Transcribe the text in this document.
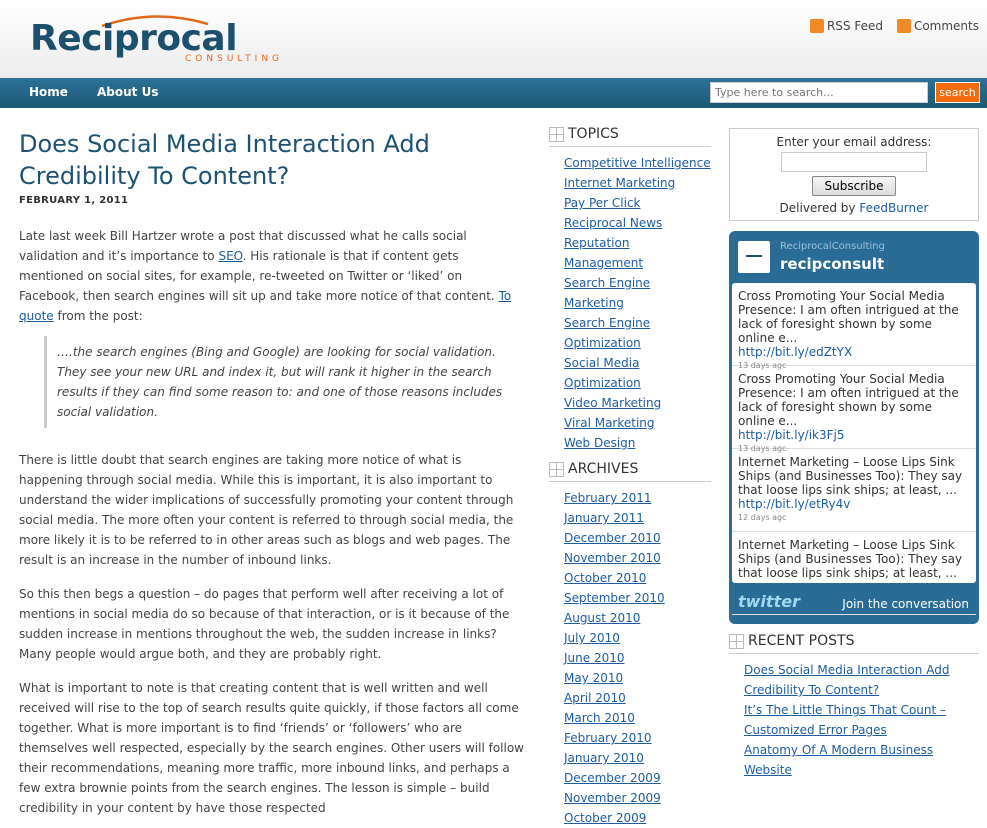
Reciprocal
CONSULTING
RSS Feed	Comments
Home About Us
Type here to search...	search
Does Social Media Interaction Add Credibility To Content?
FEBRUARY 1, 2011

Late last week Bill Hartzer wrote a post that discussed what he calls social validation and it’s importance to SEO. His rationale is that if content gets mentioned on social sites, for example, re-tweeted on Twitter or ‘liked’ on Facebook, then search engines will sit up and take more notice of that content. To quote from the post:

….the search engines (Bing and Google) are looking for social validation. They see your new URL and index it, but will rank it higher in the search results if they can find some reason to: and one of those reasons includes social validation.

There is little doubt that search engines are taking more notice of what is happening through social media. While this is important, it is also important to understand the wider implications of successfully promoting your content through social media. The more often your content is referred to through social media, the more likely it is to be referred to in other areas such as blogs and web pages. The result is an increase in the number of inbound links.

So this then begs a question – do pages that perform well after receiving a lot of mentions in social media do so because of that interaction, or is it because of the sudden increase in mentions throughout the web, the sudden increase in links? Many people would argue both, and they are probably right.

What is important to note is that creating content that is well written and well received will rise to the top of search results quite quickly, if those factors all come together. What is more important is to find ‘friends’ or ‘followers’ who are themselves well respected, especially by the search engines. Other users will follow their recommendations, meaning more traffic, more inbound links, and perhaps a few extra brownie points from the search engines. The lesson is simple – build credibility in your content by have those respected

TOPICS
Competitive Intelligence
Internet Marketing
Pay Per Click
Reciprocal News
Reputation Management
Search Engine Marketing
Search Engine Optimization
Social Media Optimization
Video Marketing
Viral Marketing
Web Design
ARCHIVES
February 2011
January 2011
December 2010
November 2010
October 2010
September 2010
August 2010
July 2010
June 2010
May 2010
April 2010
March 2010
February 2010
January 2010
December 2009
November 2009
October 2009
Enter your email address:
Subscribe
Delivered by FeedBurner
ReciprocalConsulting
recipconsult
Cross Promoting Your Social Media Presence: I am often intrigued at the lack of foresight shown by some online e...
http://bit.ly/edZtYX
13 days agc
Cross Promoting Your Social Media Presence: I am often intrigued at the lack of foresight shown by some online e...
http://bit.ly/ik3Fj5
13 days agc
Internet Marketing – Loose Lips Sink Ships (and Businesses Too): They say that loose lips sink ships; at least, ...
http://bit.ly/etRy4v
12 days agc
Internet Marketing – Loose Lips Sink Ships (and Businesses Too): They say that loose lips sink ships; at least, ...
twitter	Join the conversation
RECENT POSTS
Does Social Media Interaction Add Credibility To Content?
It’s The Little Things That Count – Customized Error Pages
Anatomy Of A Modern Business Website
